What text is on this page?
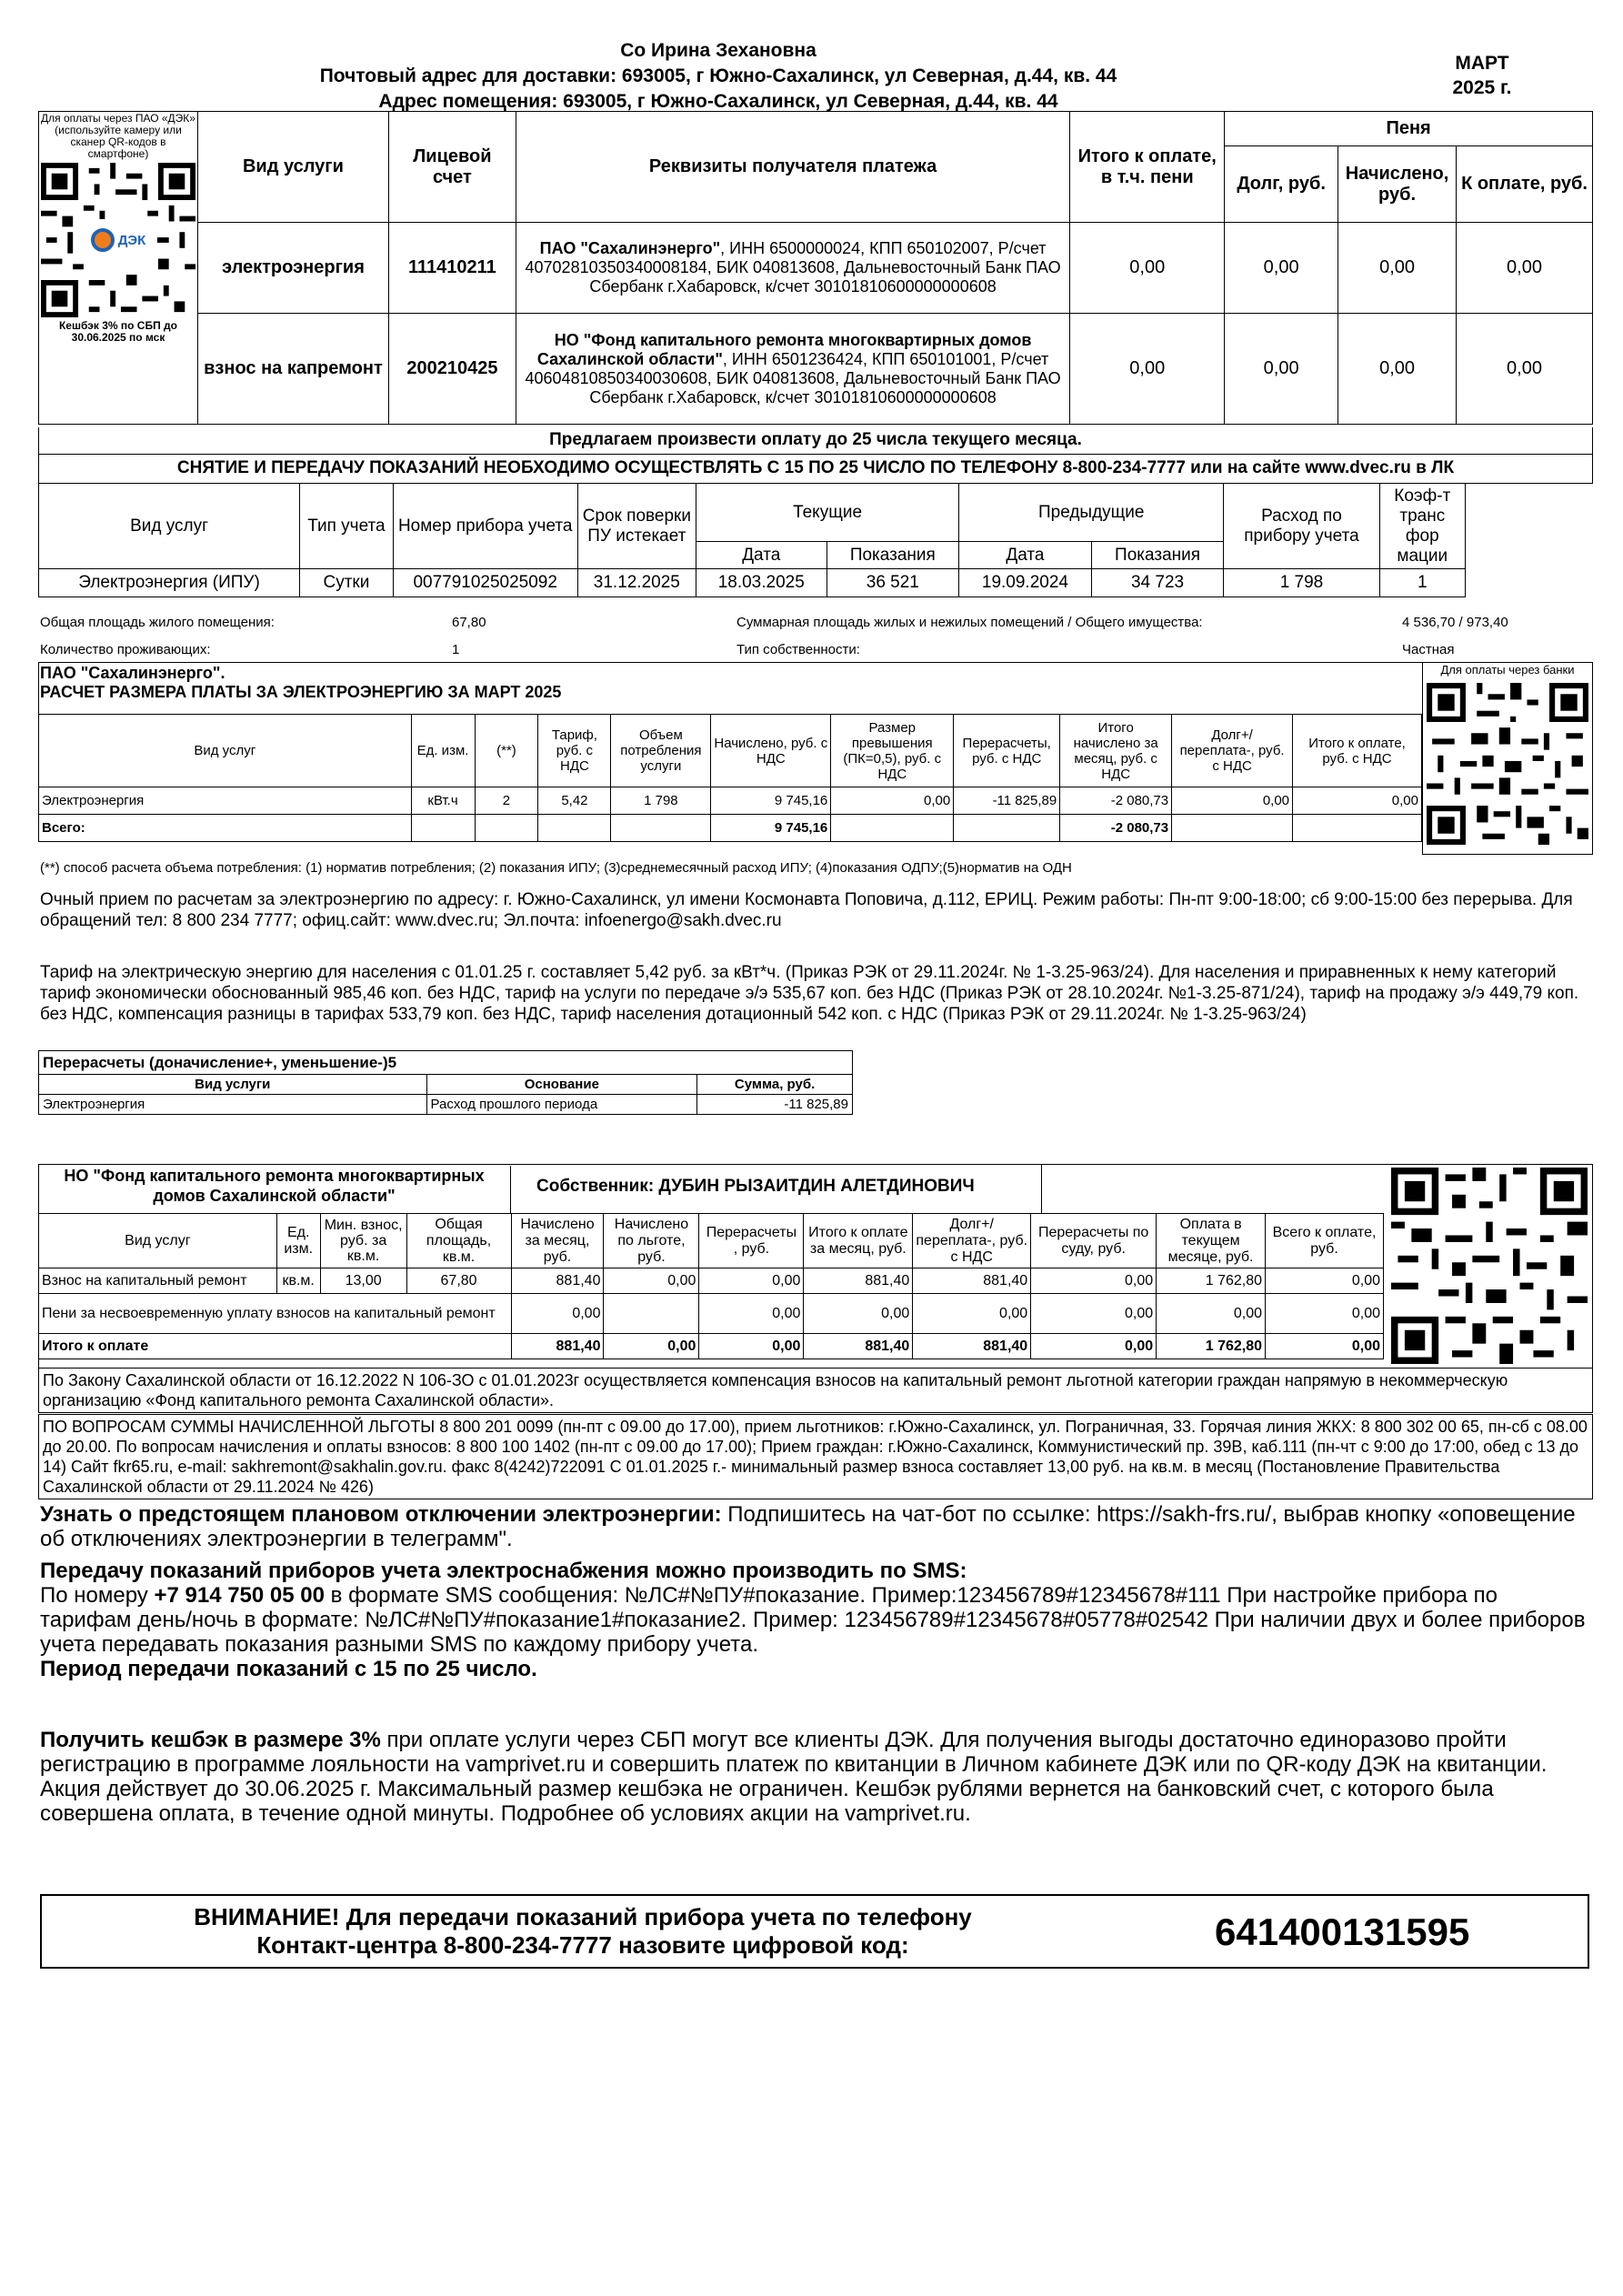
Со Ирина Зехановна
Почтовый адрес для доставки: 693005, г Южно-Сахалинск, ул Северная, д.44, кв. 44
Адрес помещения: 693005, г Южно-Сахалинск, ул Северная, д.44, кв. 44
МАРТ
2025 г.
Для оплаты через ПАО «ДЭК» (используйте камеру или сканер QR-кодов в смартфоне)
ДЭК
Кешбэк 3% по СБП до 30.06.2025 по мск	Вид услуги	Лицевой счет	Реквизиты получателя платежа	Итого к оплате, в т.ч. пени	Пеня		
					Долг, руб.	Начислено, руб.	К оплате, руб.
	электроэнергия	111410211	ПАО "Сахалинэнерго", ИНН 6500000024, КПП 650102007, Р/счет 40702810350340008184, БИК 040813608, Дальневосточный Банк ПАО Сбербанк г.Хабаровск, к/счет 30101810600000000608	0,00	0,00	0,00	0,00
	взнос на капремонт	200210425	НО "Фонд капитального ремонта многоквартирных домов Сахалинской области", ИНН 6501236424, КПП 650101001, Р/счет 40604810850340030608, БИК 040813608, Дальневосточный Банк ПАО Сбербанк г.Хабаровск, к/счет 30101810600000000608	0,00	0,00	0,00	0,00
Предлагаем произвести оплату до 25 числа текущего месяца.
СНЯТИЕ И ПЕРЕДАЧУ ПОКАЗАНИЙ НЕОБХОДИМО ОСУЩЕСТВЛЯТЬ С 15 ПО 25 ЧИСЛО ПО ТЕЛЕФОНУ 8-800-234-7777 или на сайте www.dvec.ru в ЛК
Вид услуг	Тип учета	Номер прибора учета	Срок поверки ПУ истекает	Текущие		Предыдущие		Расход по прибору учета	Коэф-т транс фор мации
				Дата	Показания	Дата	Показания		
Электроэнергия (ИПУ)	Сутки	007791025025092	31.12.2025	18.03.2025	36 521	19.09.2024	34 723	1 798	1
Общая площадь жилого помещения:	67,80	Суммарная площадь жилых и нежилых помещений / Общего имущества:	4 536,70 / 973,40
Количество проживающих:	1	Тип собственности:	Частная
ПАО "Сахалинэнерго".
РАСЧЕТ РАЗМЕРА ПЛАТЫ ЗА ЭЛЕКТРОЭНЕРГИЮ ЗА МАРТ 2025
Вид услуг	Ед. изм.	(**)	Тариф, руб. с НДС	Объем потребления услуги	Начислено, руб. с НДС	Размер превышения (ПК=0,5), руб. с НДС	Перерасчеты, руб. с НДС	Итого начислено за месяц, руб. с НДС	Долг+/ переплата-, руб. с НДС	Итого к оплате, руб. с НДС
Электроэнергия	кВт.ч	2	5,42	1 798	9 745,16	0,00	-11 825,89	-2 080,73	0,00	0,00
Всего:					9 745,16			-2 080,73		
Для оплаты через банки
(**) способ расчета объема потребления: (1) норматив потребления; (2) показания ИПУ; (3)среднемесячный расход ИПУ; (4)показания ОДПУ;(5)норматив на ОДН
Очный прием по расчетам за электроэнергию по адресу: г. Южно-Сахалинск, ул имени Космонавта Поповича, д.112, ЕРИЦ. Режим работы: Пн-пт 9:00-18:00; сб 9:00-15:00 без перерыва. Для обращений тел: 8 800 234 7777; офиц.сайт: www.dvec.ru; Эл.почта: infoenergo@sakh.dvec.ru
Тариф на электрическую энергию для населения с 01.01.25 г. составляет 5,42 руб. за кВт*ч. (Приказ РЭК от 29.11.2024г. № 1-3.25-963/24). Для населения и приравненных к нему категорий тариф экономически обоснованный 985,46 коп. без НДС, тариф на услуги по передаче э/э 535,67 коп. без НДС (Приказ РЭК от 28.10.2024г. №1-3.25-871/24), тариф на продажу э/э 449,79 коп. без НДС, компенсация разницы в тарифах 533,79 коп. без НДС, тариф населения дотационный 542 коп. с НДС (Приказ РЭК от 29.11.2024г. № 1-3.25-963/24)
Перерасчеты (доначисление+, уменьшение-)5		
Вид услуги	Основание	Сумма, руб.
Электроэнергия	Расход прошлого периода	-11 825,89
НО "Фонд капитального ремонта многоквартирных домов Сахалинской области"	Собственник: ДУБИН РЫЗАИТДИН АЛЕТДИНОВИЧ
Вид услуг	Ед. изм.	Мин. взнос, руб. за кв.м.	Общая площадь, кв.м.	Начислено за месяц, руб.	Начислено по льготе, руб.	Перерасчеты , руб.	Итого к оплате за месяц, руб.	Долг+/ переплата-, руб. с НДС	Перерасчеты по суду, руб.	Оплата в текущем месяце, руб.	Всего к оплате, руб.
Взнос на капитальный ремонт	кв.м.	13,00	67,80	881,40	0,00	0,00	881,40	881,40	0,00	1 762,80	0,00
Пени за несвоевременную уплату взносов на капитальный ремонт				0,00		0,00	0,00	0,00	0,00	0,00	0,00
Итого к оплате				881,40	0,00	0,00	881,40	881,40	0,00	1 762,80	0,00
По Закону Сахалинской области от 16.12.2022 N 106-ЗО с 01.01.2023г осуществляется компенсация взносов на капитальный ремонт льготной категории граждан напрямую в некоммерческую организацию «Фонд капитального ремонта Сахалинской области».
ПО ВОПРОСАМ СУММЫ НАЧИСЛЕННОЙ ЛЬГОТЫ 8 800 201 0099 (пн-пт с 09.00 до 17.00), прием льготников: г.Южно-Сахалинск, ул. Пограничная, 33. Горячая линия ЖКХ: 8 800 302 00 65, пн-сб с 08.00 до 20.00. По вопросам начисления и оплаты взносов: 8 800 100 1402 (пн-пт с 09.00 до 17.00); Прием граждан: г.Южно-Сахалинск, Коммунистический пр. 39В, каб.111 (пн-чт с 9:00 до 17:00, обед с 13 до 14) Сайт fkr65.ru, e-mail: sakhremont@sakhalin.gov.ru. факс 8(4242)722091 С 01.01.2025 г.- минимальный размер взноса составляет 13,00 руб. на кв.м. в месяц (Постановление Правительства Сахалинской области от 29.11.2024 № 426)
Узнать о предстоящем плановом отключении электроэнергии: Подпишитесь на чат-бот по ссылке: https://sakh-frs.ru/, выбрав кнопку «оповещение об отключениях электроэнергии в телеграмм".
Передачу показаний приборов учета электроснабжения можно производить по SMS:
По номеру +7 914 750 05 00 в формате SMS сообщения: №ЛС#№ПУ#показание. Пример:123456789#12345678#111 При настройке прибора по тарифам день/ночь в формате: №ЛС#№ПУ#показание1#показание2. Пример: 123456789#12345678#05778#02542 При наличии двух и более приборов учета передавать показания разными SMS по каждому прибору учета.
Период передачи показаний с 15 по 25 число.
Получить кешбэк в размере 3% при оплате услуги через СБП могут все клиенты ДЭК. Для получения выгоды достаточно единоразово пройти регистрацию в программе лояльности на vamprivet.ru и совершить платеж по квитанции в Личном кабинете ДЭК или по QR-коду ДЭК на квитанции. Акция действует до 30.06.2025 г. Максимальный размер кешбэка не ограничен. Кешбэк рублями вернется на банковский счет, с которого была совершена оплата, в течение одной минуты. Подробнее об условиях акции на vamprivet.ru.
ВНИМАНИЕ! Для передачи показаний прибора учета по телефону
Контакт-центра 8-800-234-7777 назовите цифровой код:	641400131595
